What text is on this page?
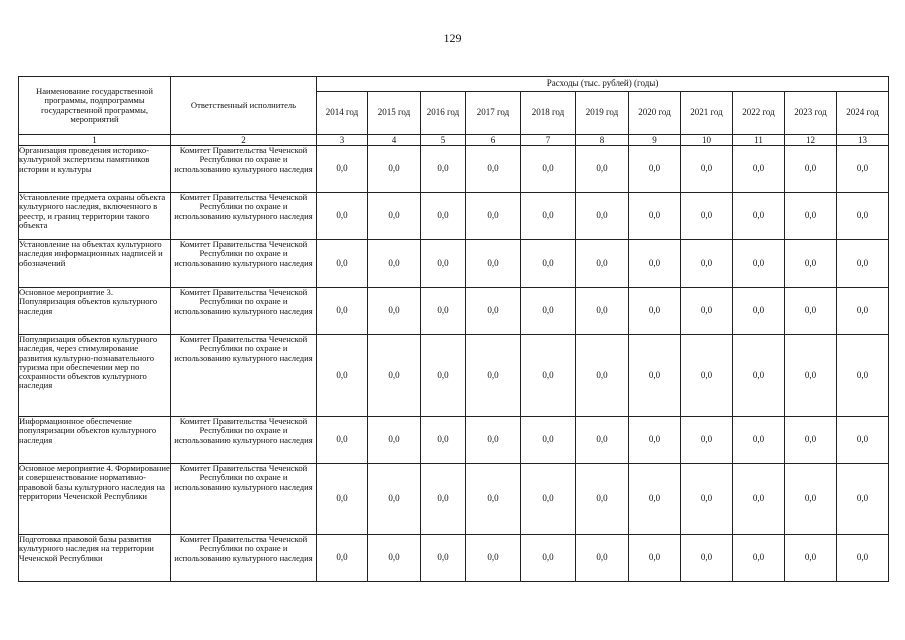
129
Наименование государственной программы, подпрограммы государственной программы, мероприятий	Ответственный исполнитель	Расходы (тыс. рублей) (годы)										
		2014 год	2015 год	2016 год	2017 год	2018 год	2019 год	2020 год	2021 год	2022 год	2023 год	2024 год
1	2	3	4	5	6	7	8	9	10	11	12	13
Организация проведения историко-культурной экспертизы памятников истории и культуры	Комитет Правительства Чеченской Республики по охране и использованию культурного наследия	0,0	0,0	0,0	0,0	0,0	0,0	0,0	0,0	0,0	0,0	0,0
Установление предмета охраны объекта культурного наследия, включенного в реестр, и границ территории такого объекта	Комитет Правительства Чеченской Республики по охране и использованию культурного наследия	0,0	0,0	0,0	0,0	0,0	0,0	0,0	0,0	0,0	0,0	0,0
Установление на объектах культурного наследия информационных надписей и обозначений	Комитет Правительства Чеченской Республики по охране и использованию культурного наследия	0,0	0,0	0,0	0,0	0,0	0,0	0,0	0,0	0,0	0,0	0,0
Основное мероприятие 3. Популяризация объектов культурного наследия	Комитет Правительства Чеченской Республики по охране и использованию культурного наследия	0,0	0,0	0,0	0,0	0,0	0,0	0,0	0,0	0,0	0,0	0,0
Популяризация объектов культурного наследия, через стимулирование развития культурно-познавательного туризма при обеспечении мер по сохранности объектов культурного наследия	Комитет Правительства Чеченской Республики по охране и использованию культурного наследия	0,0	0,0	0,0	0,0	0,0	0,0	0,0	0,0	0,0	0,0	0,0
Информационное обеспечение популяризации объектов культурного наследия	Комитет Правительства Чеченской Республики по охране и использованию культурного наследия	0,0	0,0	0,0	0,0	0,0	0,0	0,0	0,0	0,0	0,0	0,0
Основное мероприятие 4. Формирование и совершенствование нормативно-правовой базы культурного наследия на территории Чеченской Республики	Комитет Правительства Чеченской Республики по охране и использованию культурного наследия	0,0	0,0	0,0	0,0	0,0	0,0	0,0	0,0	0,0	0,0	0,0
Подготовка правовой базы развития культурного наследия на территории Чеченской Республики	Комитет Правительства Чеченской Республики по охране и использованию культурного наследия	0,0	0,0	0,0	0,0	0,0	0,0	0,0	0,0	0,0	0,0	0,0
